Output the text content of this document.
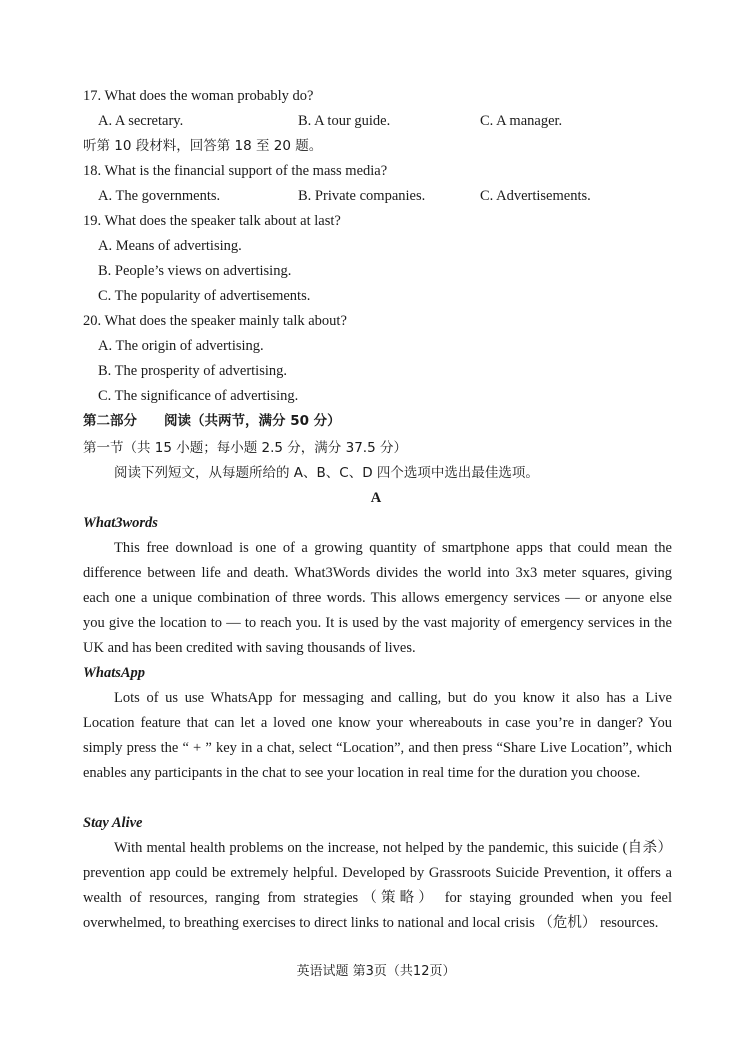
17. What does the woman probably do?
A. A secretary.	B. A tour guide.	C. A manager.
听第 10 段材料，回答第 18 至 20 题。
18. What is the financial support of the mass media?
A. The governments.	B. Private companies.	C. Advertisements.
19. What does the speaker talk about at last?
A. Means of advertising.
B. People’s views on advertising.
C. The popularity of advertisements.
20. What does the speaker mainly talk about?
A. The origin of advertising.
B. The prosperity of advertising.
C. The significance of advertising.
第二部分　　阅读（共两节，满分 50 分）
第一节（共 15 小题；每小题 2.5 分，满分 37.5 分）
阅读下列短文，从每题所给的 A、B、C、D 四个选项中选出最佳选项。
A
What3words

This free download is one of a growing quantity of smartphone apps that could mean the difference between life and death. What3Words divides the world into 3x3 meter squares, giving each one a unique combination of three words. This allows emergency services — or anyone else you give the location to — to reach you. It is used by the vast majority of emergency services in the UK and has been credited with saving thousands of lives.

WhatsApp

Lots of us use WhatsApp for messaging and calling, but do you know it also has a Live Location feature that can let a loved one know your whereabouts in case you’re in danger? You simply press the “ + ” key in a chat, select “Location”, and then press “Share Live Location”, which enables any participants in the chat to see your location in real time for the duration you choose.

Stay Alive

With mental health problems on the increase, not helped by the pandemic, this suicide (自杀） prevention app could be extremely helpful. Developed by Grassroots Suicide Prevention, it offers a wealth of resources, ranging from strategies（策略） for staying grounded when you feel overwhelmed, to breathing exercises to direct links to national and local crisis （危机） resources.

英语试题 第3页（共12页）
